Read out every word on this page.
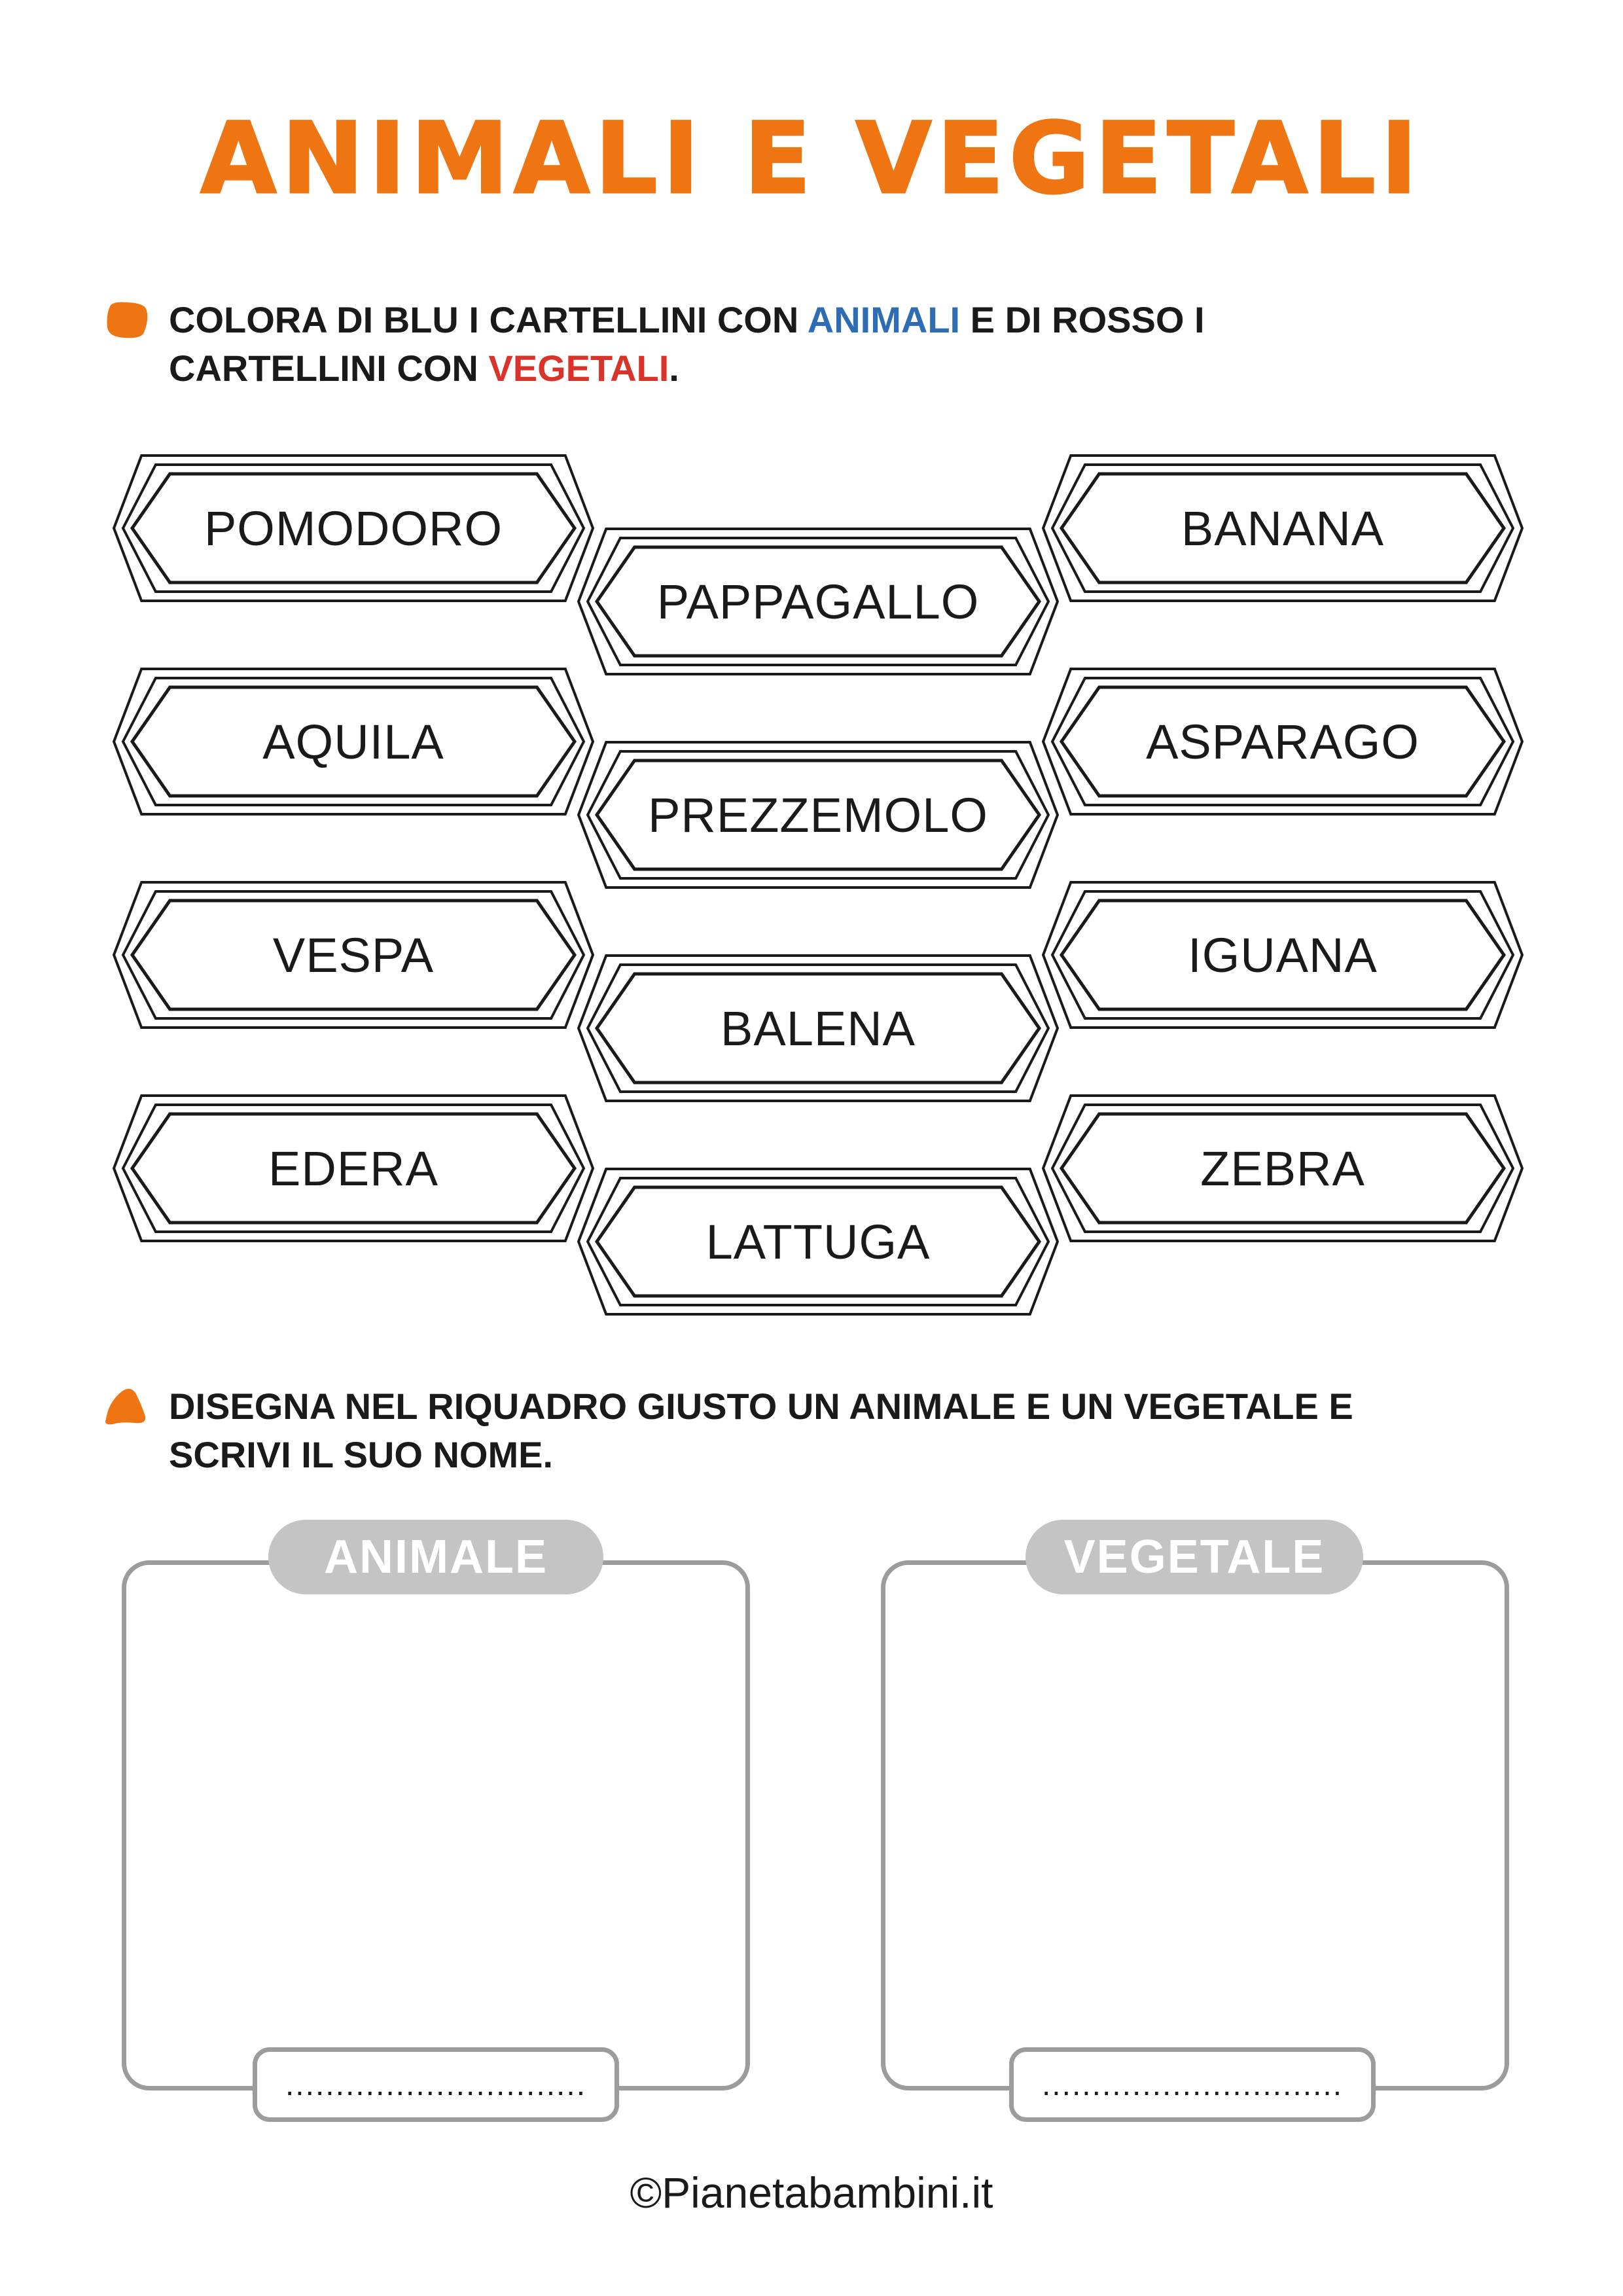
ANIMALI E VEGETALI
COLORA DI BLU I CARTELLINI CON ANIMALI E DI ROSSO I
CARTELLINI CON VEGETALI.
POMODORO
PAPPAGALLO
BANANA
AQUILA
PREZZEMOLO
ASPARAGO
VESPA
BALENA
IGUANA
EDERA
LATTUGA
ZEBRA
DISEGNA NEL RIQUADRO GIUSTO UN ANIMALE E UN VEGETALE E
SCRIVI IL SUO NOME.
ANIMALE
..............................
VEGETALE
..............................
©Pianetabambini.it
